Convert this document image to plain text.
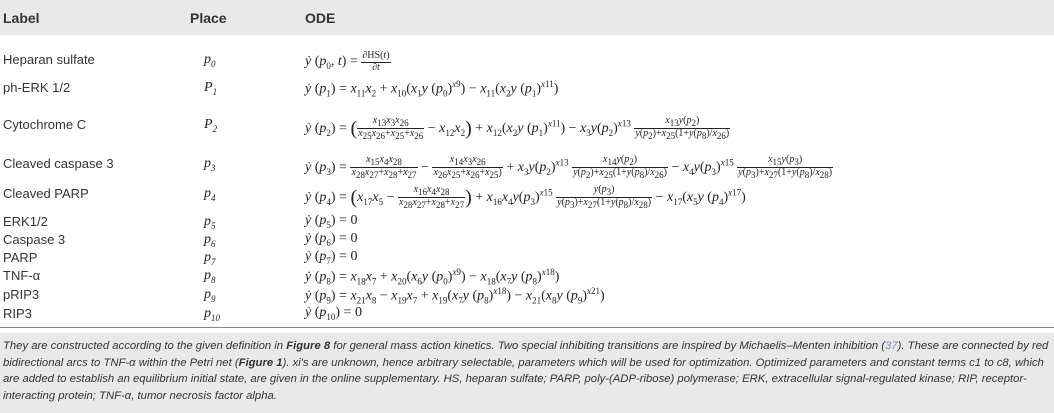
Label	Place	ODE
Heparan sulfate	$p_0$	ẏ ($p_0$, $t) = \frac{\partial HS(t)}{\partial t}$
ph-ERK 1/2	$P_1$	ẏ $(p_1) = x_{11}x_2 + x_{10}(x_1y$ $(p_0)^{x9}) - x_{11}(x_2y$ $(p_1)^{x11}$)
Cytochrome C	$P_2$	ẏ $(p_2)$ = ( $\frac{x_{13}x_3x_{26}}{x_{25}x_{26}+x_{25}+x_{26}} - x_{12}x_2) + x_{12}(x_2y$ $(p_1)^{x11}) - x_3y(p_2)^{x13} \frac{x_{13}y(p_2)}{y(p_2)+x_{25}(1+y(p_8)/x_{26})}$
Cleaved caspase 3	$p_3$	ẏ $(p_3) = \frac{x_{15}x_4x_{28}}{x_{28}x_{27}+x_{28}+x_{27}} - \frac{x_{14}x_3x_{26}}{x_{26}x_{25}+x_{26}+x_{25})} + x_3y(p_2)^{x13} \frac{x_{14}y(p_2)}{y(p_2)+x_{25}(1+y(p_8)/x_{26})} - x_4y(p_3)^{x15} \frac{x_{15}y(p_3)}{y(p_3)+x_{27}(1+y(p_8)/x_{28})}$
Cleaved PARP	$p_4$	ẏ $(p_4) = (x_{17}x_5 - \frac{x_{16}x_4x_{28}}{x_{28}x_{27}+x_{28}+x_{27}}$ ) + $x_{16}x_4y(p_3)^{x15} \frac{y(p_3)}{y(p_3)+x_{27}(1+y(p_8)/x_{28})} - x_{17}(x_5y$ $(p_4)^{x17}$)
ERK1/2	$p_5$	ẏ $(p_5) = 0$
Caspase 3	$p_6$	ẏ $(p_6) = 0$
PARP	$p_7$	ẏ $(p_7) = 0$
TNF-α	$p_8$	ẏ $(p_8) = x_{18}x_7 + x_{20}(x_6y$ $(p_0)^{x9}) - x_{18}(x_7y$ $(p_8)^{x18}$)
pRIP3	$p_9$	ẏ $(p_9) = x_{21}x_8 - x_{19}x_7 + x_{19}(x_7y$ $(p_8)^{x18}) - x_{21}(x_8y$ $(p_9)^{x21}$)
RIP3	$p_{10}$	ẏ $(p_{10}) = 0$
They are constructed according to the given definition in Figure 8 for general mass action kinetics. Two special inhibiting transitions are inspired by Michaelis–Menten inhibition (37). These are connected by red bidirectional arcs to TNF-α within the Petri net (Figure 1). xi's are unknown, hence arbitrary selectable, parameters which will be used for optimization. Optimized parameters and constant terms c1 to c8, which are added to establish an equilibrium initial state, are given in the online supplementary. HS, heparan sulfate; PARP, poly-(ADP-ribose) polymerase; ERK, extracellular signal-regulated kinase; RIP, receptor-interacting protein; TNF-α, tumor necrosis factor alpha.
